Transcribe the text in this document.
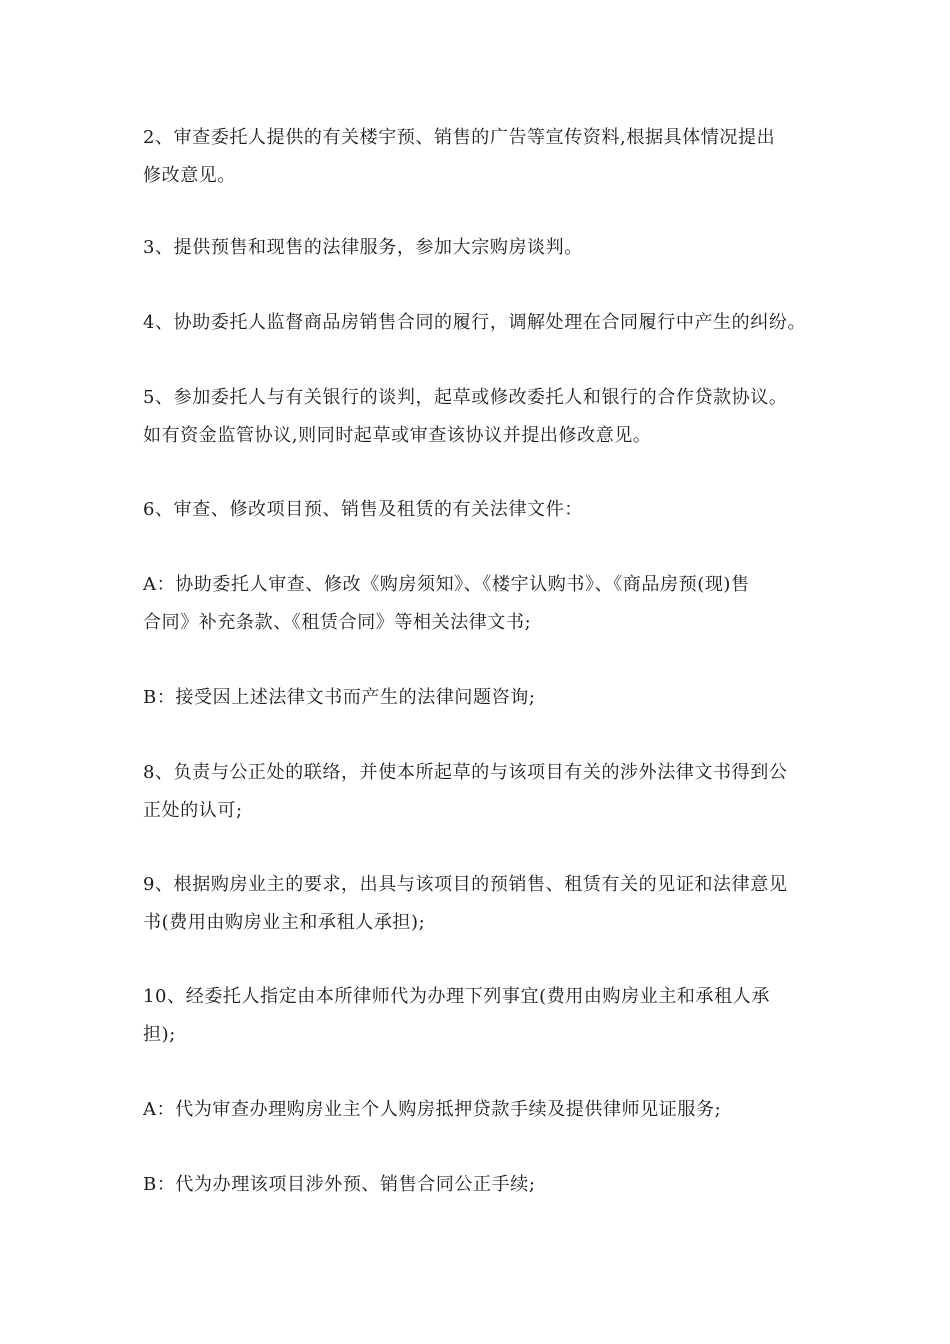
2、审查委托人提供的有关楼宇预、销售的广告等宣传资料,根据具体情况提出
修改意见。
3、提供预售和现售的法律服务，参加大宗购房谈判。
4、协助委托人监督商品房销售合同的履行，调解处理在合同履行中产生的纠纷。
5、参加委托人与有关银行的谈判，起草或修改委托人和银行的合作贷款协议。
如有资金监管协议,则同时起草或审查该协议并提出修改意见。
6、审查、修改项目预、销售及租赁的有关法律文件：
A：协助委托人审查、修改《购房须知》、《楼宇认购书》、《商品房预(现)售
合同》补充条款、《租赁合同》等相关法律文书;
B：接受因上述法律文书而产生的法律问题咨询;
8、负责与公正处的联络，并使本所起草的与该项目有关的涉外法律文书得到公
正处的认可;
9、根据购房业主的要求，出具与该项目的预销售、租赁有关的见证和法律意见
书(费用由购房业主和承租人承担);
10、经委托人指定由本所律师代为办理下列事宜(费用由购房业主和承租人承
担);
A：代为审查办理购房业主个人购房抵押贷款手续及提供律师见证服务;
B：代为办理该项目涉外预、销售合同公正手续;
